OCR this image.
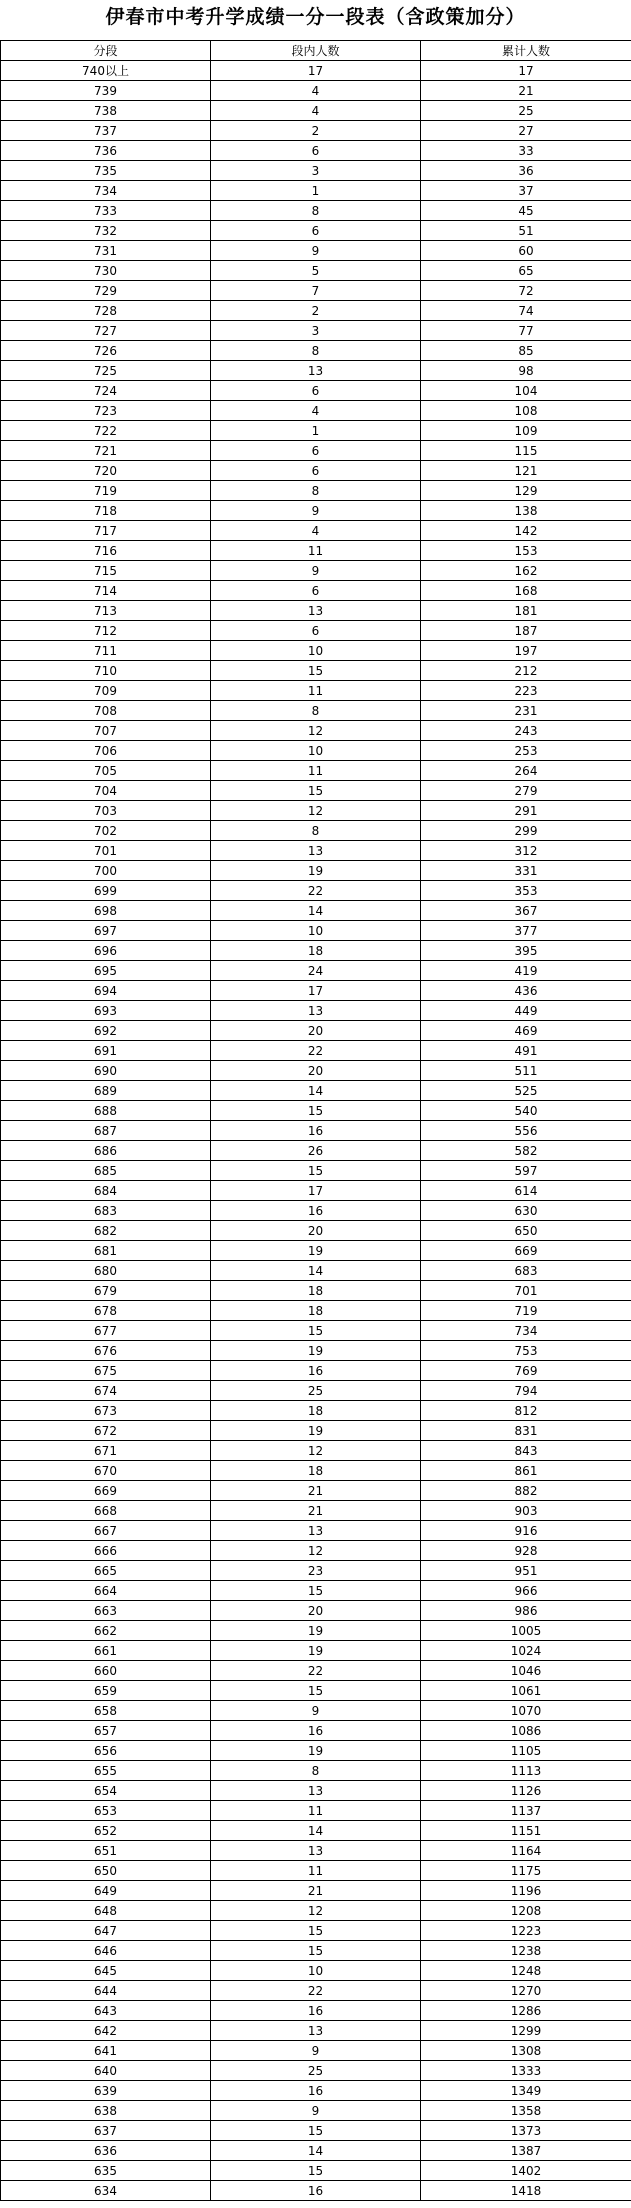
伊春市中考升学成绩一分一段表（含政策加分）
分段	段内人数	累计人数
740以上	17	17
739	4	21
738	4	25
737	2	27
736	6	33
735	3	36
734	1	37
733	8	45
732	6	51
731	9	60
730	5	65
729	7	72
728	2	74
727	3	77
726	8	85
725	13	98
724	6	104
723	4	108
722	1	109
721	6	115
720	6	121
719	8	129
718	9	138
717	4	142
716	11	153
715	9	162
714	6	168
713	13	181
712	6	187
711	10	197
710	15	212
709	11	223
708	8	231
707	12	243
706	10	253
705	11	264
704	15	279
703	12	291
702	8	299
701	13	312
700	19	331
699	22	353
698	14	367
697	10	377
696	18	395
695	24	419
694	17	436
693	13	449
692	20	469
691	22	491
690	20	511
689	14	525
688	15	540
687	16	556
686	26	582
685	15	597
684	17	614
683	16	630
682	20	650
681	19	669
680	14	683
679	18	701
678	18	719
677	15	734
676	19	753
675	16	769
674	25	794
673	18	812
672	19	831
671	12	843
670	18	861
669	21	882
668	21	903
667	13	916
666	12	928
665	23	951
664	15	966
663	20	986
662	19	1005
661	19	1024
660	22	1046
659	15	1061
658	9	1070
657	16	1086
656	19	1105
655	8	1113
654	13	1126
653	11	1137
652	14	1151
651	13	1164
650	11	1175
649	21	1196
648	12	1208
647	15	1223
646	15	1238
645	10	1248
644	22	1270
643	16	1286
642	13	1299
641	9	1308
640	25	1333
639	16	1349
638	9	1358
637	15	1373
636	14	1387
635	15	1402
634	16	1418
